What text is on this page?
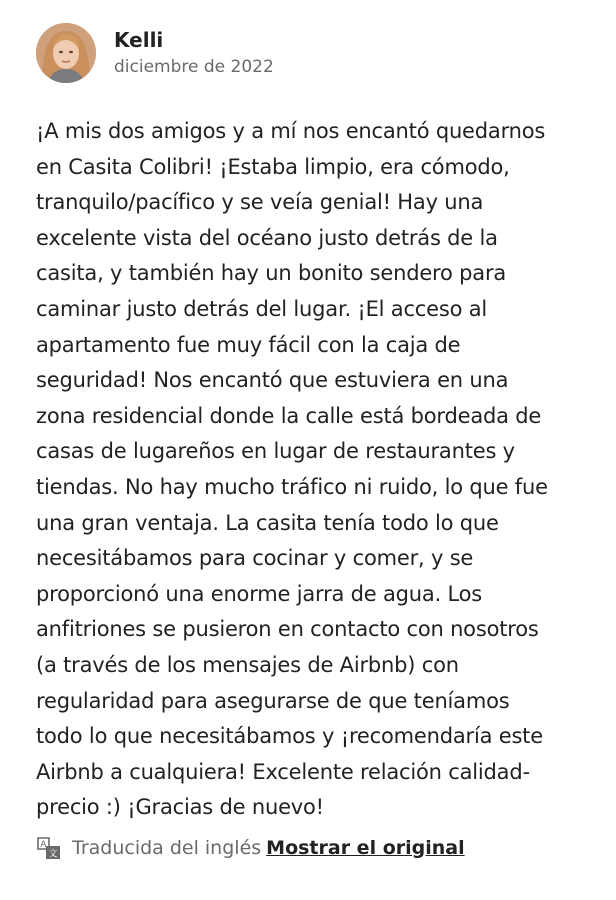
Kelli
diciembre de 2022
¡A mis dos amigos y a mí nos encantó quedarnos
en Casita Colibri! ¡Estaba limpio, era cómodo,
tranquilo/pacífico y se veía genial! Hay una
excelente vista del océano justo detrás de la
casita, y también hay un bonito sendero para
caminar justo detrás del lugar. ¡El acceso al
apartamento fue muy fácil con la caja de
seguridad! Nos encantó que estuviera en una
zona residencial donde la calle está bordeada de
casas de lugareños en lugar de restaurantes y
tiendas. No hay mucho tráfico ni ruido, lo que fue
una gran ventaja. La casita tenía todo lo que
necesitábamos para cocinar y comer, y se
proporcionó una enorme jarra de agua. Los
anfitriones se pusieron en contacto con nosotros
(a través de los mensajes de Airbnb) con
regularidad para asegurarse de que teníamos
todo lo que necesitábamos y ¡recomendaría este
Airbnb a cualquiera! Excelente relación calidad-
precio :) ¡Gracias de nuevo!
A
文 Traducida del inglés Mostrar el original
